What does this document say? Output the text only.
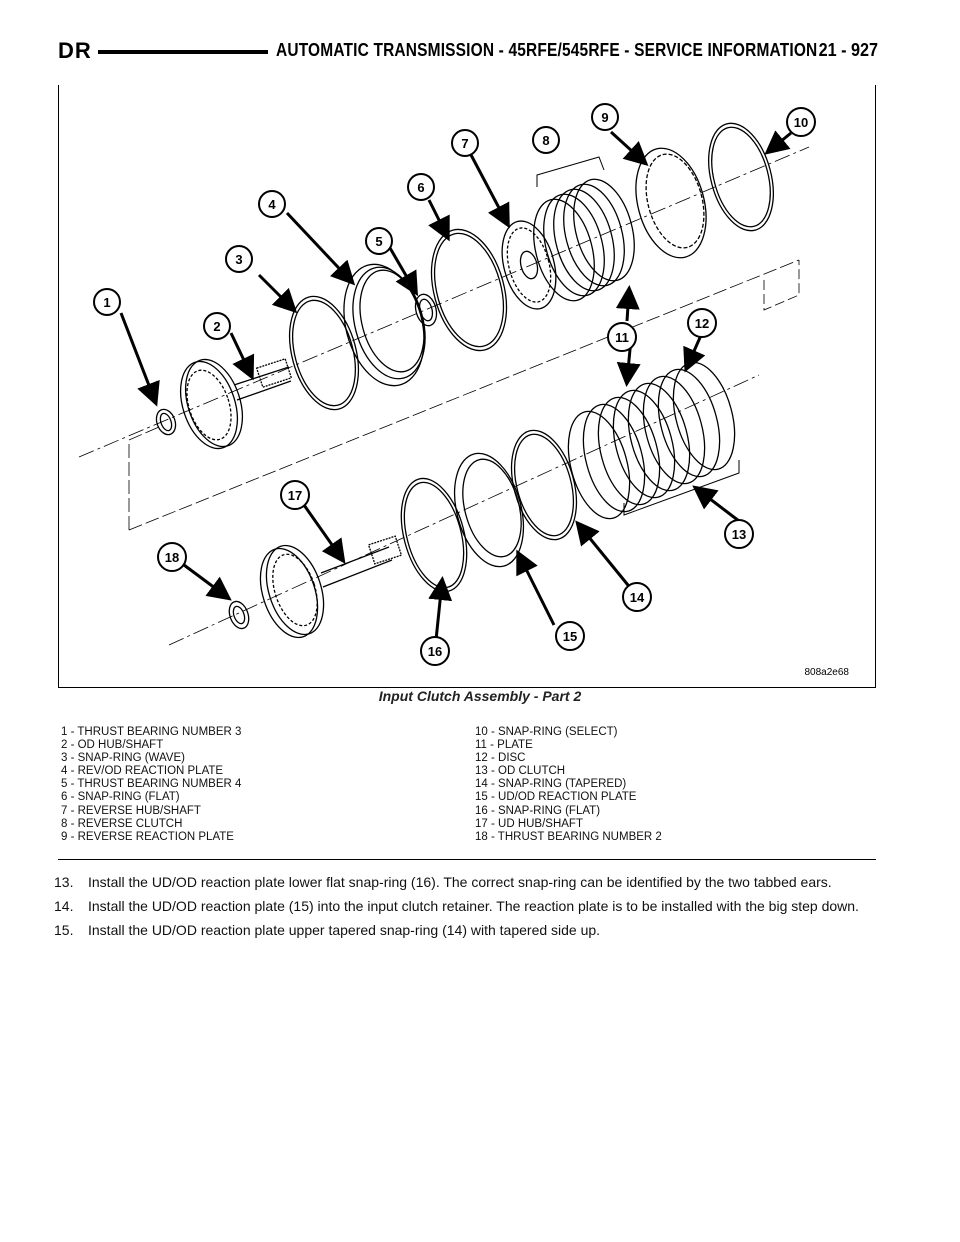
DR	AUTOMATIC TRANSMISSION - 45RFE/545RFE - SERVICE INFORMATION 21 - 927
1
2
3
4
5
6
7	8
9	10
11
12
13
14
15
16
17
18
808a2e68
Input Clutch Assembly - Part 2
1 - THRUST BEARING NUMBER 3
2 - OD HUB/SHAFT
3 - SNAP-RING (WAVE)
4 - REV/OD REACTION PLATE
5 - THRUST BEARING NUMBER 4
6 - SNAP-RING (FLAT)
7 - REVERSE HUB/SHAFT
8 - REVERSE CLUTCH
9 - REVERSE REACTION PLATE
10 - SNAP-RING (SELECT)
11 - PLATE
12 - DISC
13 - OD CLUTCH
14 - SNAP-RING (TAPERED)
15 - UD/OD REACTION PLATE
16 - SNAP-RING (FLAT)
17 - UD HUB/SHAFT
18 - THRUST BEARING NUMBER 2
13. Install the UD/OD reaction plate lower flat snap-ring (16). The correct snap-ring can be identified by the two tabbed ears.
14. Install the UD/OD reaction plate (15) into the input clutch retainer. The reaction plate is to be installed with the big step down.
15. Install the UD/OD reaction plate upper tapered snap-ring (14) with tapered side up.
